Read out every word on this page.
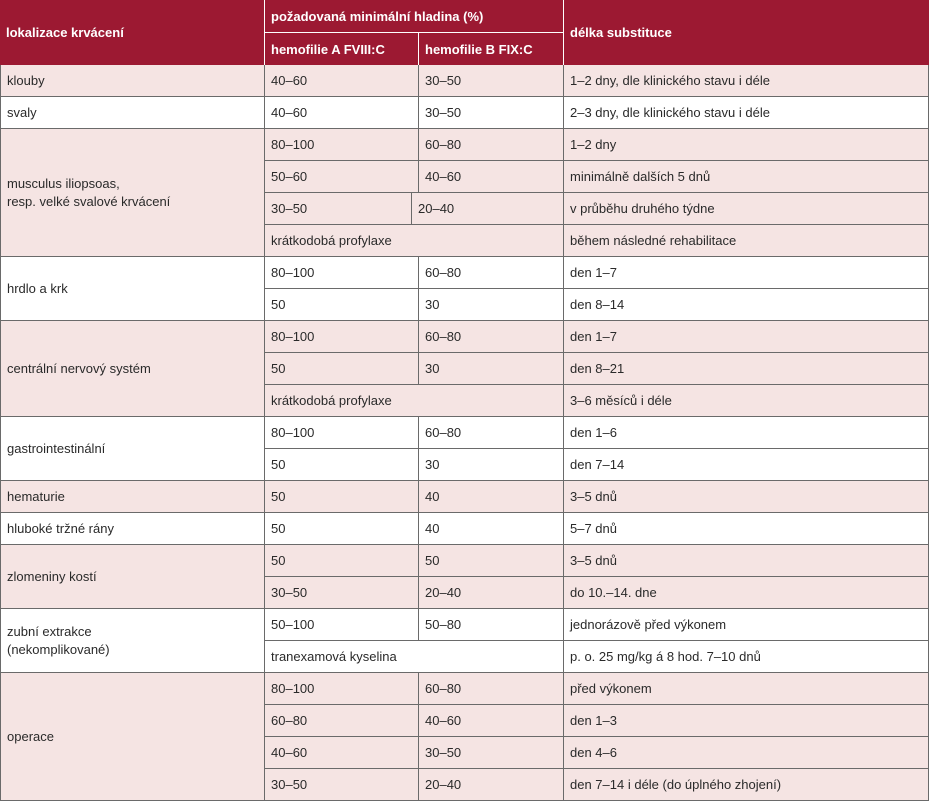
lokalizace krvácení
požadovaná minimální hladina (%)
hemofilie A FVIII:C	hemofilie B FIX:C
délka substituce
klouby	40–60	30–50	1–2 dny, dle klinického stavu i déle
svaly	40–60	30–50	2–3 dny, dle klinického stavu i déle
musculus iliopsoas,
resp. velké svalové krvácení
80–100	60–80	1–2 dny
50–60	40–60	minimálně dalších 5 dnů
30–50	20–40	v průběhu druhého týdne
krátkodobá profylaxe	během následné rehabilitace
hrdlo a krk
80–100	60–80	den 1–7
50	30	den 8–14
centrální nervový systém
80–100	60–80	den 1–7
50	30	den 8–21
krátkodobá profylaxe	3–6 měsíců i déle
gastrointestinální
80–100	60–80	den 1–6
50	30	den 7–14
hematurie	50	40	3–5 dnů
hluboké tržné rány	50	40	5–7 dnů
zlomeniny kostí
50	50	3–5 dnů
30–50	20–40	do 10.–14. dne
zubní extrakce
(nekomplikované)
50–100	50–80	jednorázově před výkonem
tranexamová kyselina	p. o. 25 mg/kg á 8 hod. 7–10 dnů
operace
80–100	60–80	před výkonem
60–80	40–60	den 1–3
40–60	30–50	den 4–6
30–50	20–40	den 7–14 i déle (do úplného zhojení)
